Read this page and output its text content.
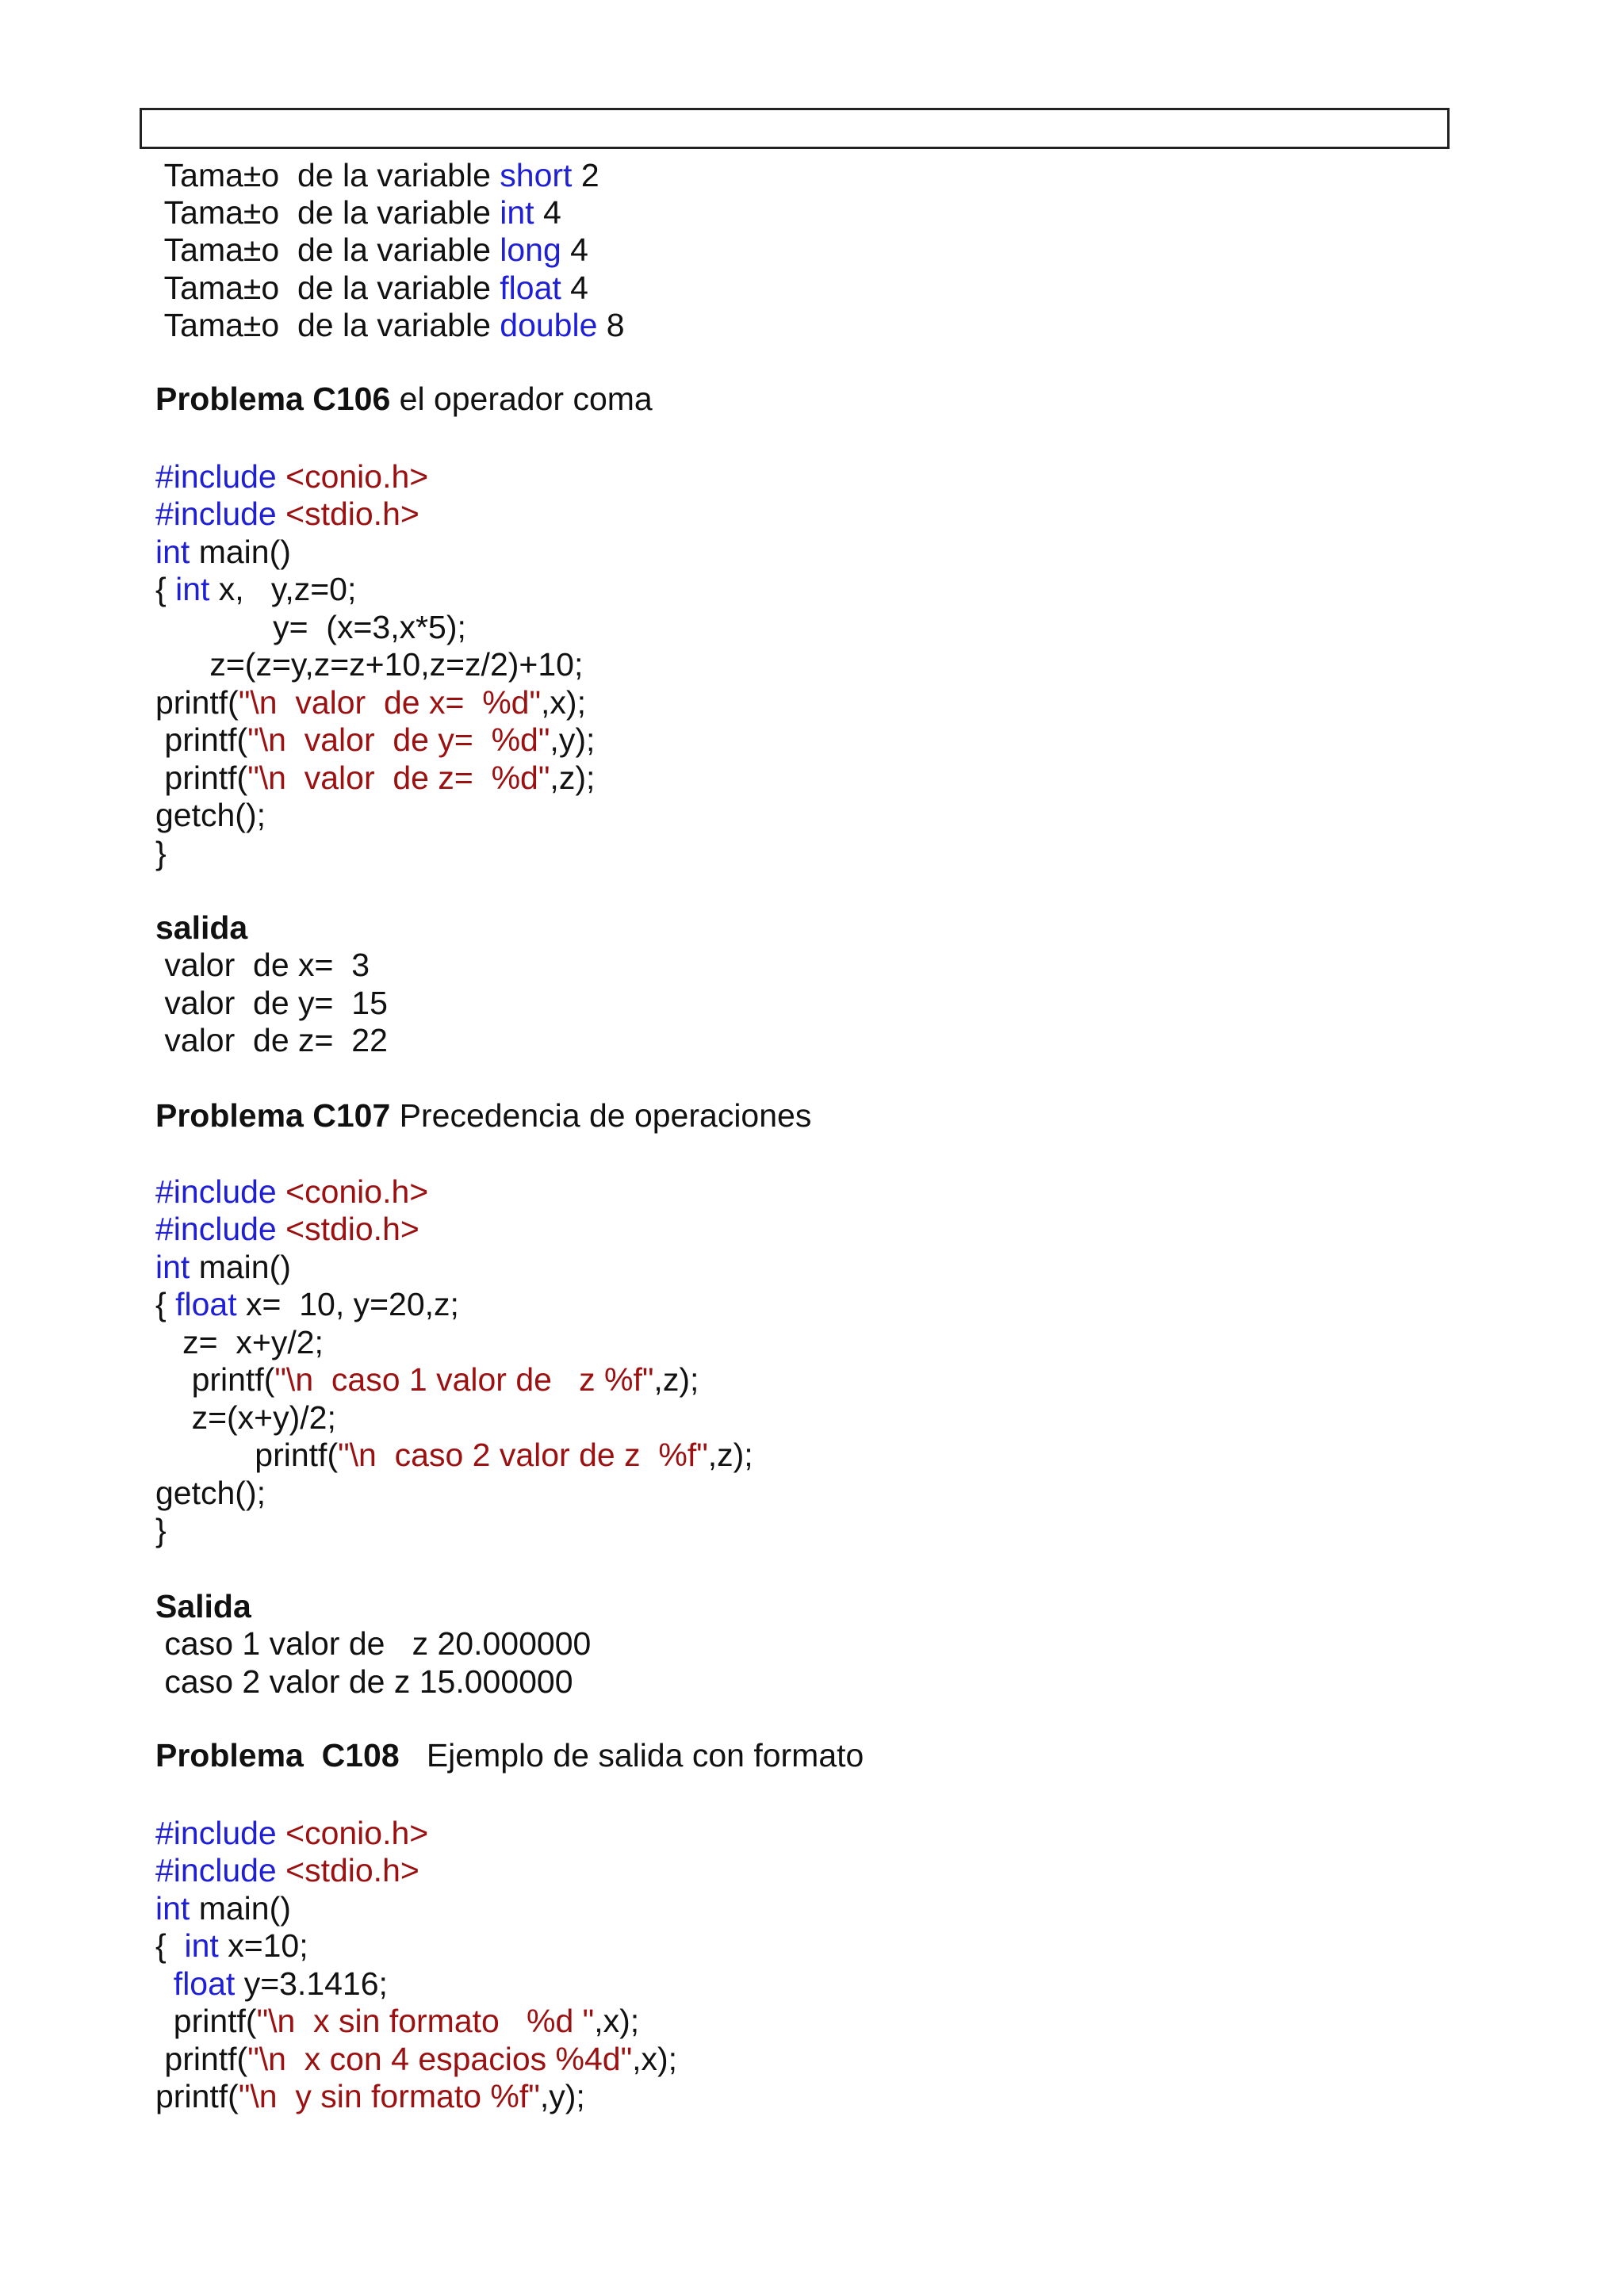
Tama±o  de la variable short 2
Tama±o  de la variable int 4
Tama±o  de la variable long 4
Tama±o  de la variable float 4
Tama±o  de la variable double 8
Problema C106 el operador coma
#include <conio.h>
#include <stdio.h>
int main()
{ int x,   y,z=0;
y=  (x=3,x*5);
z=(z=y,z=z+10,z=z/2)+10;
printf("\n  valor  de x=  %d",x);
printf("\n  valor  de y=  %d",y);
printf("\n  valor  de z=  %d",z);
getch();
}
salida
valor  de x=  3
valor  de y=  15
valor  de z=  22
Problema C107 Precedencia de operaciones
#include <conio.h>
#include <stdio.h>
int main()
{ float x=  10, y=20,z;
z=  x+y/2;
printf("\n  caso 1 valor de   z %f",z);
z=(x+y)/2;
printf("\n  caso 2 valor de z  %f",z);
getch();
}
Salida
caso 1 valor de   z 20.000000
caso 2 valor de z 15.000000
Problema  C108   Ejemplo de salida con formato
#include <conio.h>
#include <stdio.h>
int main()
{  int x=10;
float y=3.1416;
printf("\n  x sin formato   %d ",x);
printf("\n  x con 4 espacios %4d",x);
printf("\n  y sin formato %f",y);
